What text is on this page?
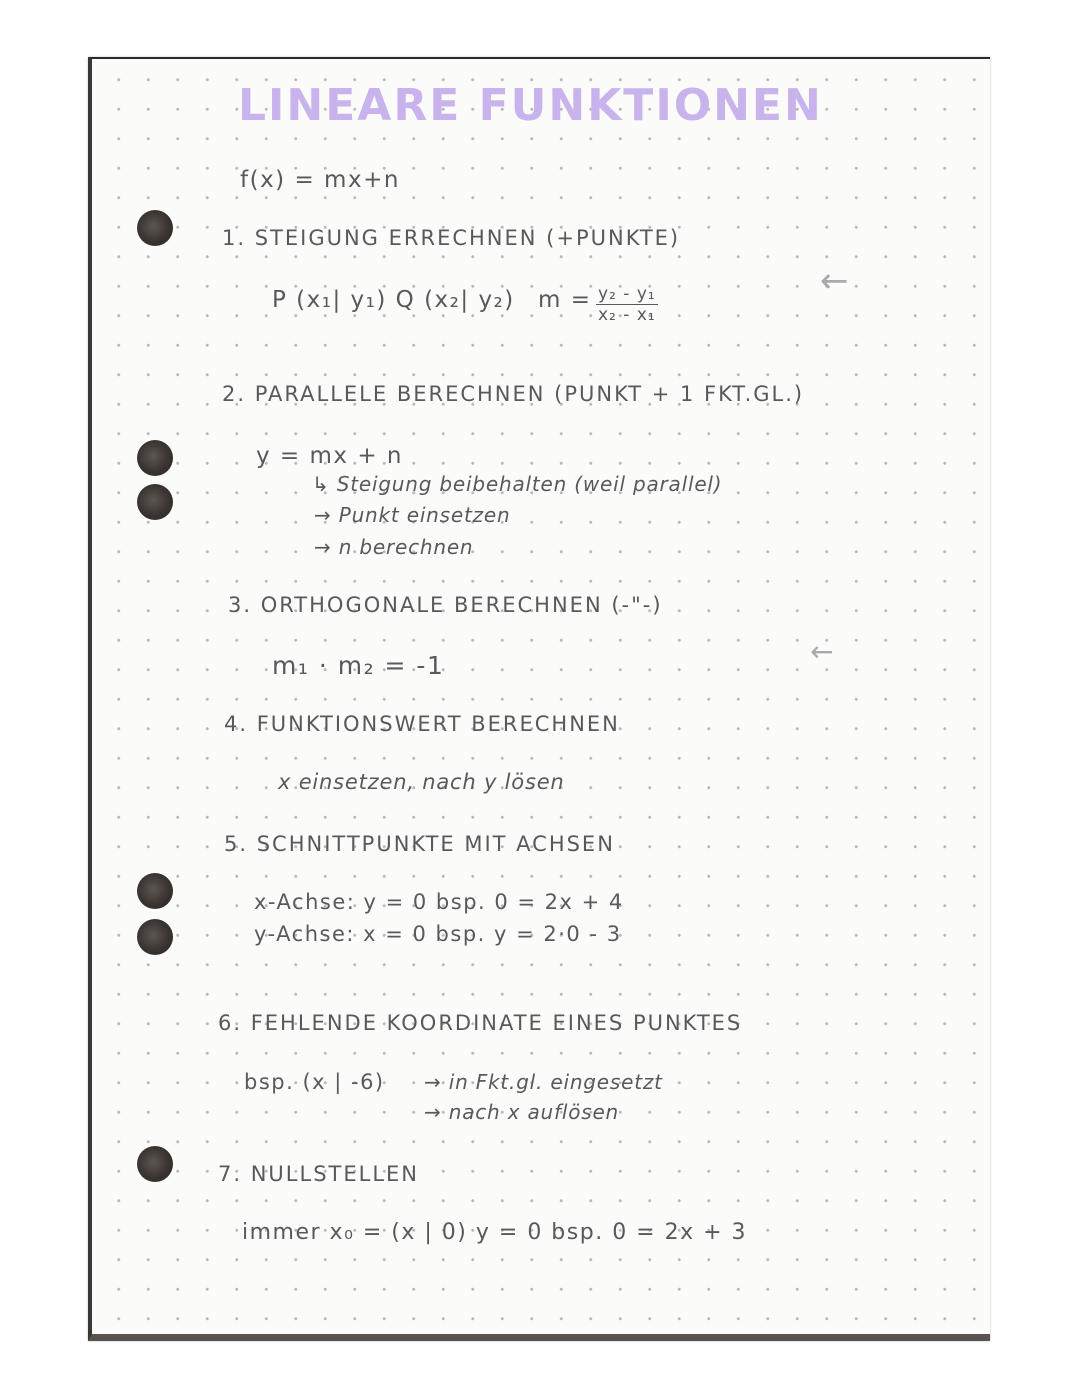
LINEARE FUNKTIONEN
f(x) = mx+n
1. STEIGUNG ERRECHNEN (+PUNKTE)
P (x₁| y₁) Q (x₂| y₂) $m = \frac{\text{y₂ - y₁}}{\text{x₂ - x₁}}$
←
2. PARALLELE BERECHNEN (PUNKT + 1 FKT.GL.)
y = mx + n
↳ Steigung beibehalten (weil parallel)
→ Punkt einsetzen
→ n berechnen
3. ORTHOGONALE BERECHNEN (-"-)
m₁ · m₂ = -1	←
4. FUNKTIONSWERT BERECHNEN
x einsetzen, nach y lösen
5. SCHNITTPUNKTE MIT ACHSEN
x-Achse: y = 0 bsp. 0 = 2x + 4
y-Achse: x = 0 bsp. y = 2·0 - 3
6. FEHLENDE KOORDINATE EINES PUNKTES
bsp. (x | -6) → in Fkt.gl. eingesetzt
→ nach x auflösen
7. NULLSTELLEN
immer x₀ = (x | 0) y = 0 bsp. 0 = 2x + 3
